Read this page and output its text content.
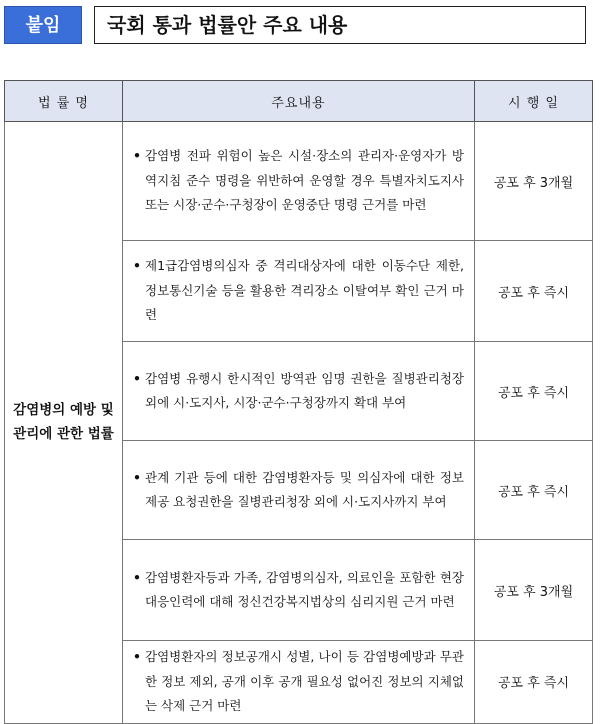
붙임	국회 통과 법률안 주요 내용
법 률 명	주요내용	시 행 일
감염병의 예방 및 관리에 관한 법률	• 감염병 전파 위험이 높은 시설·장소의 관리자·운영자가 방역지침 준수 명령을 위반하여 운영할 경우 특별자치도지사 또는 시장·군수·구청장이 운영중단 명령 근거를 마련	공포 후 3개월

	• 제1급감염병의심자 중 격리대상자에 대한 이동수단 제한, 정보통신기술 등을 활용한 격리장소 이탈여부 확인 근거 마련	공포 후 즉시

	• 감염병 유행시 한시적인 방역관 임명 권한을 질병관리청장 외에 시·도지사, 시장·군수·구청장까지 확대 부여	공포 후 즉시

	• 관계 기관 등에 대한 감염병환자등 및 의심자에 대한 정보제공 요청권한을 질병관리청장 외에 시·도지사까지 부여	공포 후 즉시

	• 감염병환자등과 가족, 감염병의심자, 의료인을 포함한 현장 대응인력에 대해 정신건강복지법상의 심리지원 근거 마련	공포 후 3개월

	• 감염병환자의 정보공개시 성별, 나이 등 감염병예방과 무관한 정보 제외, 공개 이후 공개 필요성 없어진 정보의 지체없는 삭제 근거 마련	공포 후 즉시
